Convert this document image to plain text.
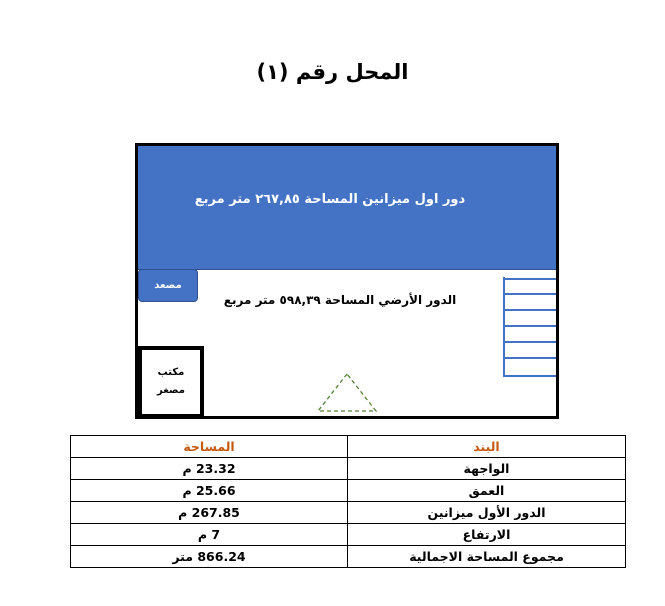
المحل رقم (١)
دور اول ميزانين المساحة ٢٦٧,٨٥ متر مربع
مصعد
الدور الأرضي المساحة ٥٩٨,٣٩ متر مربع
مكتب
مصغر
المساحة	البند
23.32 م	الواجهة
25.66 م	العمق
267.85 م	الدور الأول ميزانين
7 م	الارتفاع
866.24 متر	مجموع المساحة الاجمالية
